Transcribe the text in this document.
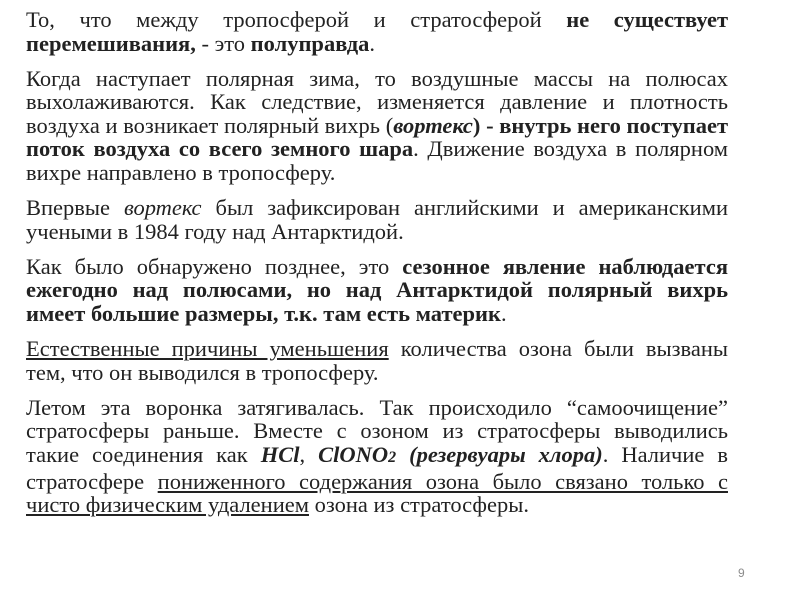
То, что между тропосферой и стратосферой не существует перемешивания, - это полуправда.

Когда наступает полярная зима, то воздушные массы на полюсах выхолаживаются. Как следствие, изменяется давление и плотность воздуха и возникает полярный вихрь (вортекс) - внутрь него поступает поток воздуха со всего земного шара. Движение воздуха в полярном вихре направлено в тропосферу.

Впервые вортекс был зафиксирован английскими и американскими учеными в 1984 году над Антарктидой.

Как было обнаружено позднее, это сезонное явление наблюдается ежегодно над полюсами, но над Антарктидой полярный вихрь имеет большие размеры, т.к. там есть материк.

Естественные причины уменьшения количества озона были вызваны тем, что он выводился в тропосферу.

Летом эта воронка затягивалась. Так происходило “самоочищение” стратосферы раньше. Вместе с озоном из стратосферы выводились такие соединения как HCl, ClONO2 (резервуары хлора). Наличие в стратосфере пониженного содержания озона было связано только с чисто физическим удалением озона из стратосферы.

9
